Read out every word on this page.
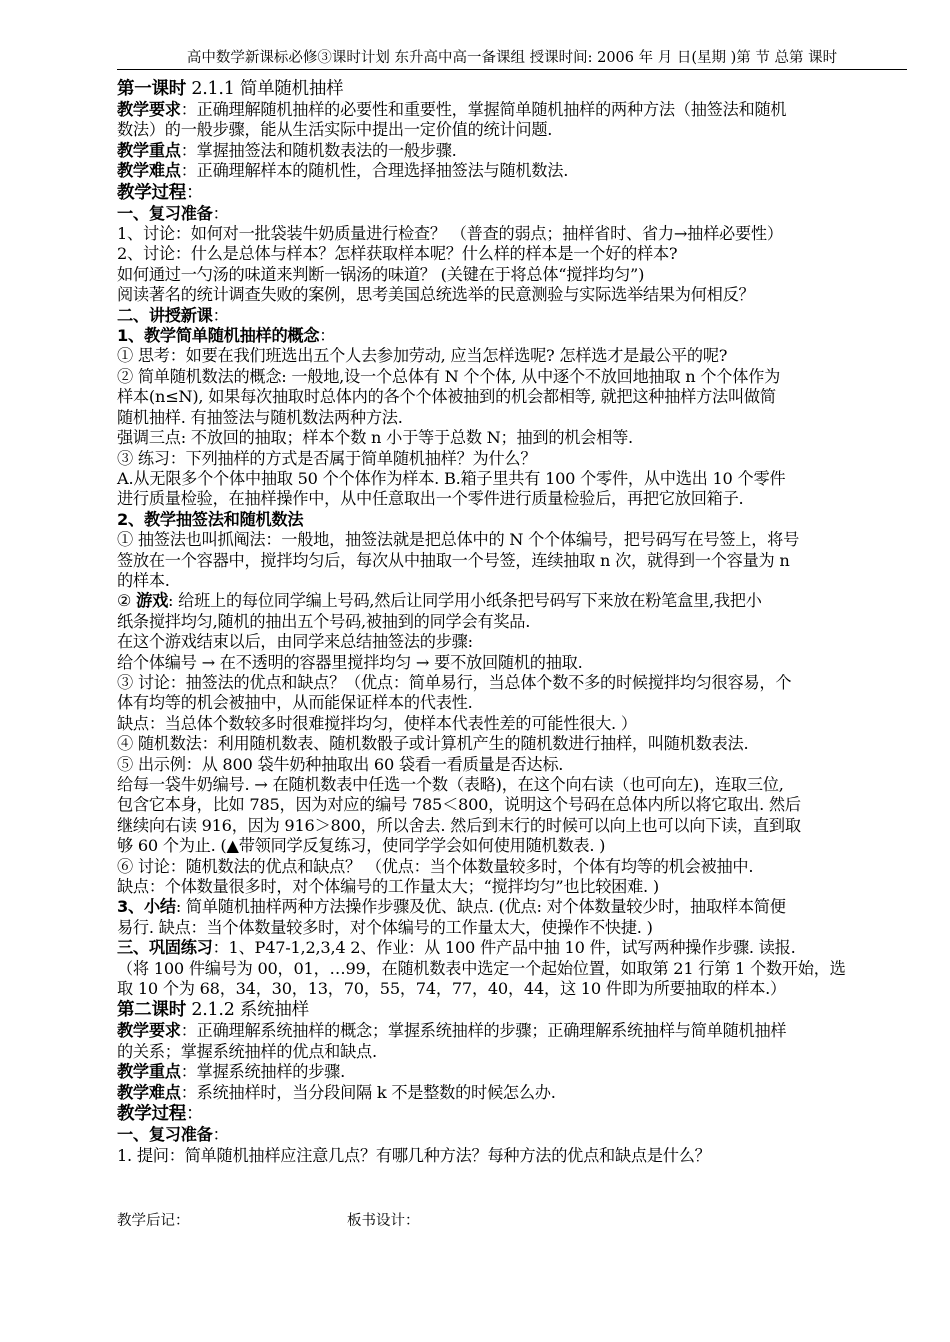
高中数学新课标必修③课时计划 东升高中高一备课组 授课时间: 2006 年 月 日(星期 )第 节 总第 课时
第一课时 2.1.1 简单随机抽样
教学要求：正确理解随机抽样的必要性和重要性，掌握简单随机抽样的两种方法（抽签法和随机
数法）的一般步骤，能从生活实际中提出一定价值的统计问题.
教学重点：掌握抽签法和随机数表法的一般步骤.
教学难点：正确理解样本的随机性，合理选择抽签法与随机数法.
教学过程：
一、复习准备：
1、讨论：如何对一批袋装牛奶质量进行检查？ （普查的弱点；抽样省时、省力→抽样必要性）
2、讨论：什么是总体与样本？怎样获取样本呢？什么样的样本是一个好的样本?
如何通过一勺汤的味道来判断一锅汤的味道？ (关键在于将总体“搅拌均匀”)
阅读著名的统计调查失败的案例，思考美国总统选举的民意测验与实际选举结果为何相反？
二、讲授新课：
1、教学简单随机抽样的概念：
① 思考：如要在我们班选出五个人去参加劳动, 应当怎样选呢? 怎样选才是最公平的呢?
② 简单随机数法的概念: 一般地,设一个总体有 N 个个体, 从中逐个不放回地抽取 n 个个体作为
样本(n≤N), 如果每次抽取时总体内的各个个体被抽到的机会都相等, 就把这种抽样方法叫做简
随机抽样. 有抽签法与随机数法两种方法.
强调三点: 不放回的抽取；样本个数 n 小于等于总数 N；抽到的机会相等.
③ 练习：下列抽样的方式是否属于简单随机抽样？为什么？
A.从无限多个个体中抽取 50 个个体作为样本. B.箱子里共有 100 个零件，从中选出 10 个零件
进行质量检验，在抽样操作中，从中任意取出一个零件进行质量检验后，再把它放回箱子.
2、教学抽签法和随机数法
① 抽签法也叫抓阄法：一般地，抽签法就是把总体中的 N 个个体编号，把号码写在号签上，将号
签放在一个容器中，搅拌均匀后，每次从中抽取一个号签，连续抽取 n 次，就得到一个容量为 n
的样本.
② 游戏: 给班上的每位同学编上号码,然后让同学用小纸条把号码写下来放在粉笔盒里,我把小
纸条搅拌均匀,随机的抽出五个号码,被抽到的同学会有奖品.
在这个游戏结束以后，由同学来总结抽签法的步骤:
给个体编号 → 在不透明的容器里搅拌均匀 → 要不放回随机的抽取.
③ 讨论：抽签法的优点和缺点？（优点：简单易行，当总体个数不多的时候搅拌均匀很容易，个
体有均等的机会被抽中，从而能保证样本的代表性.
缺点：当总体个数较多时很难搅拌均匀，使样本代表性差的可能性很大. ）
④ 随机数法：利用随机数表、随机数骰子或计算机产生的随机数进行抽样，叫随机数表法.
⑤ 出示例：从 800 袋牛奶种抽取出 60 袋看一看质量是否达标.
给每一袋牛奶编号. → 在随机数表中任选一个数（表略)，在这个向右读（也可向左)，连取三位,
包含它本身，比如 785，因为对应的编号 785＜800，说明这个号码在总体内所以将它取出. 然后
继续向右读 916，因为 916＞800，所以舍去. 然后到末行的时候可以向上也可以向下读，直到取
够 60 个为止. (▲带领同学反复练习，使同学学会如何使用随机数表. )
⑥ 讨论：随机数法的优点和缺点？ （优点：当个体数量较多时，个体有均等的机会被抽中.
缺点：个体数量很多时，对个体编号的工作量太大；“搅拌均匀”也比较困难. )
3、小结: 简单随机抽样两种方法操作步骤及优、缺点. (优点: 对个体数量较少时，抽取样本简便
易行. 缺点：当个体数量较多时，对个体编号的工作量太大，使操作不快捷. )
三、巩固练习：1、P47-1,2,3,4 2、作业：从 100 件产品中抽 10 件，试写两种操作步骤. 读报.
（将 100 件编号为 00，01，…99，在随机数表中选定一个起始位置，如取第 21 行第 1 个数开始，选
取 10 个为 68，34，30，13，70，55，74，77，40，44，这 10 件即为所要抽取的样本.）
第二课时 2.1.2 系统抽样
教学要求：正确理解系统抽样的概念；掌握系统抽样的步骤；正确理解系统抽样与简单随机抽样
的关系；掌握系统抽样的优点和缺点.
教学重点：掌握系统抽样的步骤.
教学难点：系统抽样时，当分段间隔 k 不是整数的时候怎么办.
教学过程：
一、复习准备：
1. 提问：简单随机抽样应注意几点？有哪几种方法？每种方法的优点和缺点是什么？
教学后记：	板书设计：
